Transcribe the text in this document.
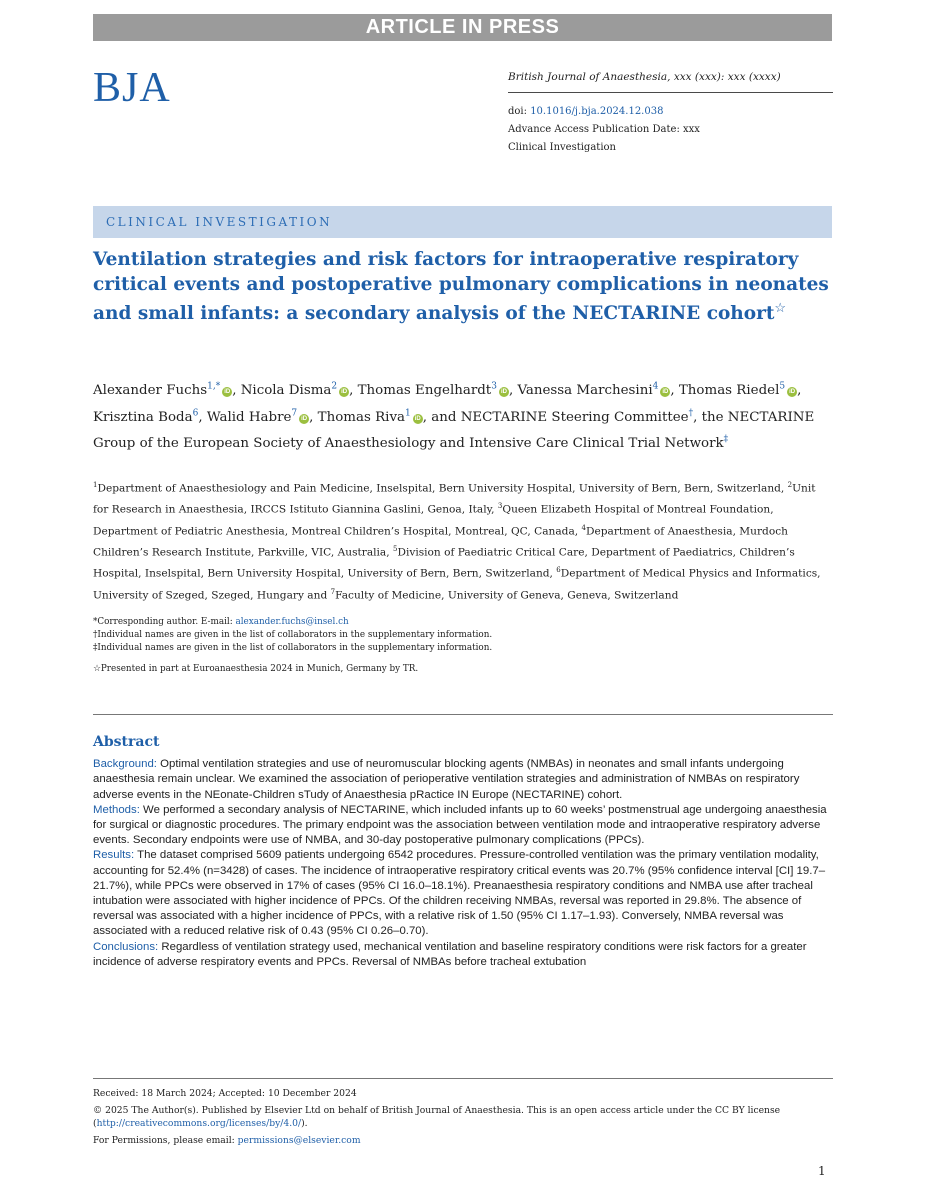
ARTICLE IN PRESS
BJA	British Journal of Anaesthesia, xxx (xxx): xxx (xxxx)
doi: 10.1016/j.bja.2024.12.038
Advance Access Publication Date: xxx
Clinical Investigation
CLINICAL INVESTIGATION
Ventilation strategies and risk factors for intraoperative respiratory critical events and postoperative pulmonary complications in neonates and small infants: a secondary analysis of the NECTARINE cohort☆
Alexander Fuchs$^{1,*}$iD , Nicola Disma$^2$iD , Thomas Engelhardt$^3$iD , Vanessa Marchesini$^4$iD , Thomas Riedel$^5$iD , Krisztina Boda$^6$, Walid Habre$^7$iD , Thomas Riva$^1$iD , and NECTARINE Steering Committee†, the NECTARINE Group of the European Society of Anaesthesiology and Intensive Care Clinical Trial Network‡
$^1$Department of Anaesthesiology and Pain Medicine, Inselspital, Bern University Hospital, University of Bern, Bern, Switzerland, $^2$Unit for Research in Anaesthesia, IRCCS Istituto Giannina Gaslini, Genoa, Italy, $^3$Queen Elizabeth Hospital of Montreal Foundation, Department of Pediatric Anesthesia, Montreal Children’s Hospital, Montreal, QC, Canada, $^4$Department of Anaesthesia, Murdoch Children’s Research Institute, Parkville, VIC, Australia, $^5$Division of Paediatric Critical Care, Department of Paediatrics, Children’s Hospital, Inselspital, Bern University Hospital, University of Bern, Bern, Switzerland, $^6$Department of Medical Physics and Informatics, University of Szeged, Szeged, Hungary and $^7$Faculty of Medicine, University of Geneva, Geneva, Switzerland
*Corresponding author. E-mail: alexander.fuchs@insel.ch
†Individual names are given in the list of collaborators in the supplementary information.
‡Individual names are given in the list of collaborators in the supplementary information.
☆Presented in part at Euroanaesthesia 2024 in Munich, Germany by TR.
Abstract

Background: Optimal ventilation strategies and use of neuromuscular blocking agents (NMBAs) in neonates and small infants undergoing anaesthesia remain unclear. We examined the association of perioperative ventilation strategies and administration of NMBAs on respiratory adverse events in the NEonate-Children sTudy of Anaesthesia pRactice IN Europe (NECTARINE) cohort.

Methods: We performed a secondary analysis of NECTARINE, which included infants up to 60 weeks’ postmenstrual age undergoing anaesthesia for surgical or diagnostic procedures. The primary endpoint was the association between ventilation mode and intraoperative respiratory adverse events. Secondary endpoints were use of NMBA, and 30-day postoperative pulmonary complications (PPCs).

Results: The dataset comprised 5609 patients undergoing 6542 procedures. Pressure-controlled ventilation was the primary ventilation modality, accounting for 52.4% (n=3428) of cases. The incidence of intraoperative respiratory critical events was 20.7% (95% confidence interval [CI] 19.7–21.7%), while PPCs were observed in 17% of cases (95% CI 16.0–18.1%). Preanaesthesia respiratory conditions and NMBA use after tracheal intubation were associated with higher incidence of PPCs. Of the children receiving NMBAs, reversal was reported in 29.8%. The absence of reversal was associated with a higher incidence of PPCs, with a relative risk of 1.50 (95% CI 1.17–1.93). Conversely, NMBA reversal was associated with a reduced relative risk of 0.43 (95% CI 0.26–0.70).

Conclusions: Regardless of ventilation strategy used, mechanical ventilation and baseline respiratory conditions were risk factors for a greater incidence of adverse respiratory events and PPCs. Reversal of NMBAs before tracheal extubation

Received: 18 March 2024; Accepted: 10 December 2024
© 2025 The Author(s). Published by Elsevier Ltd on behalf of British Journal of Anaesthesia. This is an open access article under the CC BY license (http://creativecommons.org/licenses/by/4.0/).
For Permissions, please email: permissions@elsevier.com
1
